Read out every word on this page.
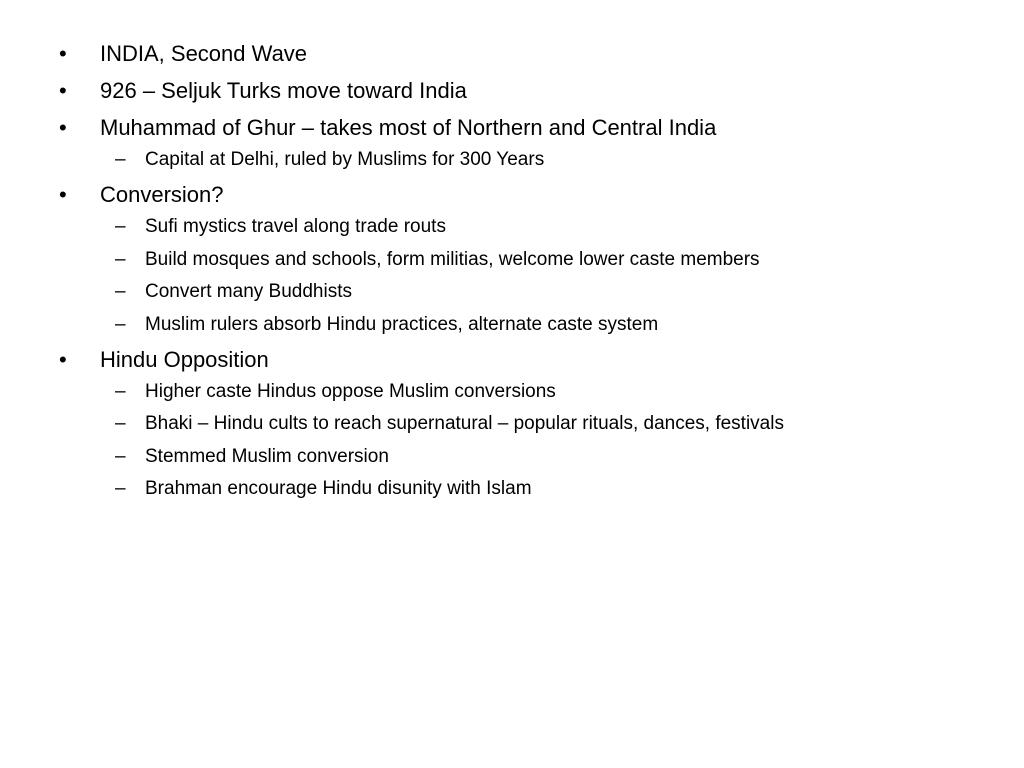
• INDIA, Second Wave
• 926 – Seljuk Turks move toward India
• Muhammad of Ghur – takes most of Northern and Central India
– Capital at Delhi, ruled by Muslims for 300 Years
• Conversion?
– Sufi mystics travel along trade routs
– Build mosques and schools, form militias, welcome lower caste members
– Convert many Buddhists
– Muslim rulers absorb Hindu practices, alternate caste system
• Hindu Opposition
– Higher caste Hindus oppose Muslim conversions
– Bhaki – Hindu cults to reach supernatural – popular rituals, dances, festivals
– Stemmed Muslim conversion
– Brahman encourage Hindu disunity with Islam
